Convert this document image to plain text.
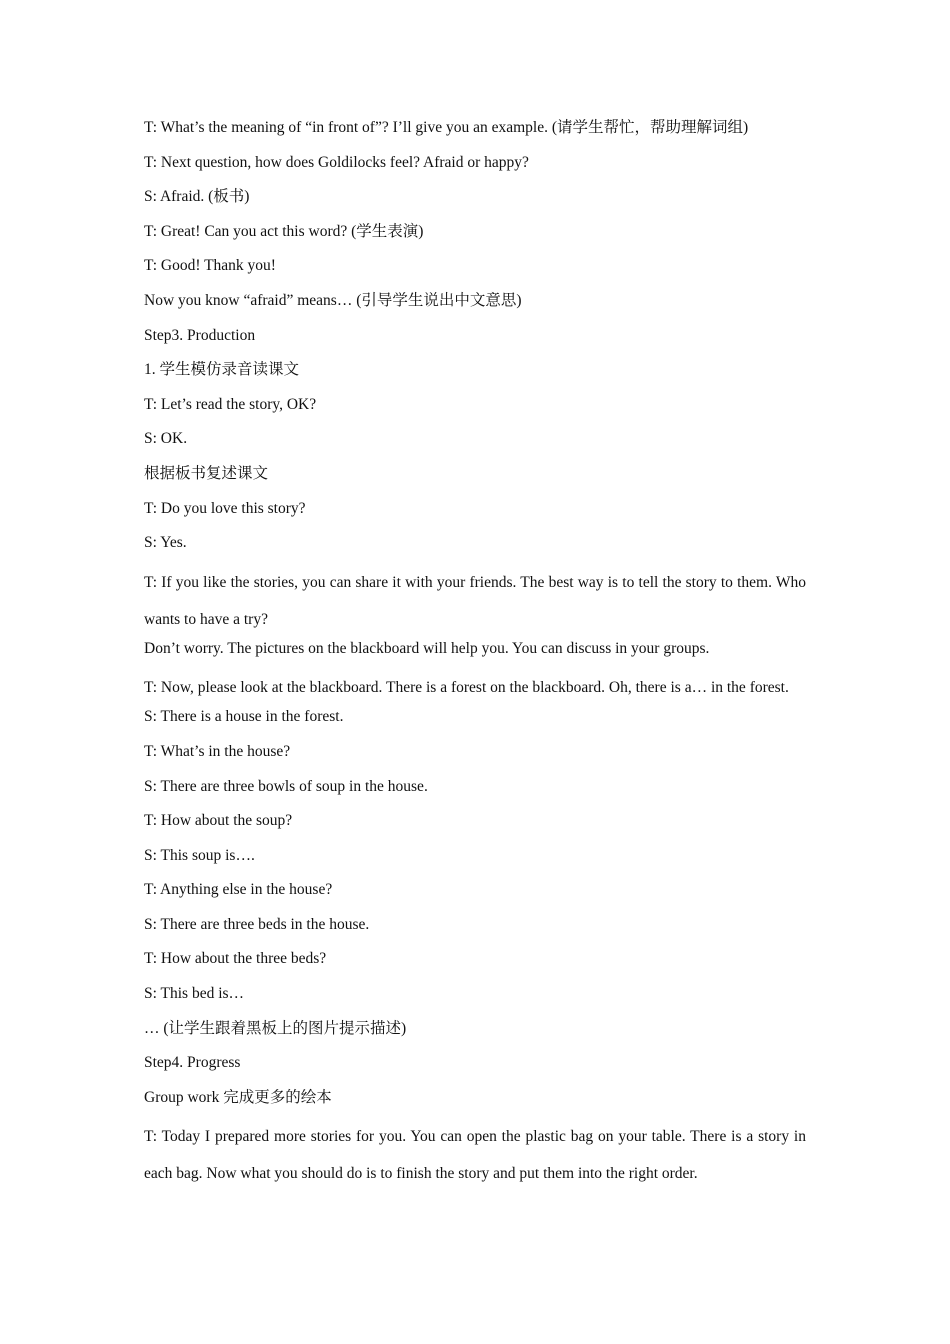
T: What’s the meaning of “in front of”? I’ll give you an example. (请学生帮忙，帮助理解词组)
T: Next question, how does Goldilocks feel? Afraid or happy?
S: Afraid. (板书)
T: Great! Can you act this word? (学生表演)
T: Good! Thank you!
Now you know “afraid” means… (引导学生说出中文意思)
Step3. Production
1. 学生模仿录音读课文
T: Let’s read the story, OK?
S: OK.
根据板书复述课文
T: Do you love this story?
S: Yes.
T: If you like the stories, you can share it with your friends. The best way is to tell the story to them. Who wants to have a try?
Don’t worry. The pictures on the blackboard will help you. You can discuss in your groups.
T: Now, please look at the blackboard. There is a forest on the blackboard. Oh, there is a… in the forest.
S: There is a house in the forest.
T: What’s in the house?
S: There are three bowls of soup in the house.
T: How about the soup?
S: This soup is….
T: Anything else in the house?
S: There are three beds in the house.
T: How about the three beds?
S: This bed is…
… (让学生跟着黑板上的图片提示描述)
Step4. Progress
Group work 完成更多的绘本
T: Today I prepared more stories for you. You can open the plastic bag on your table. There is a story in each bag. Now what you should do is to finish the story and put them into the right order.
